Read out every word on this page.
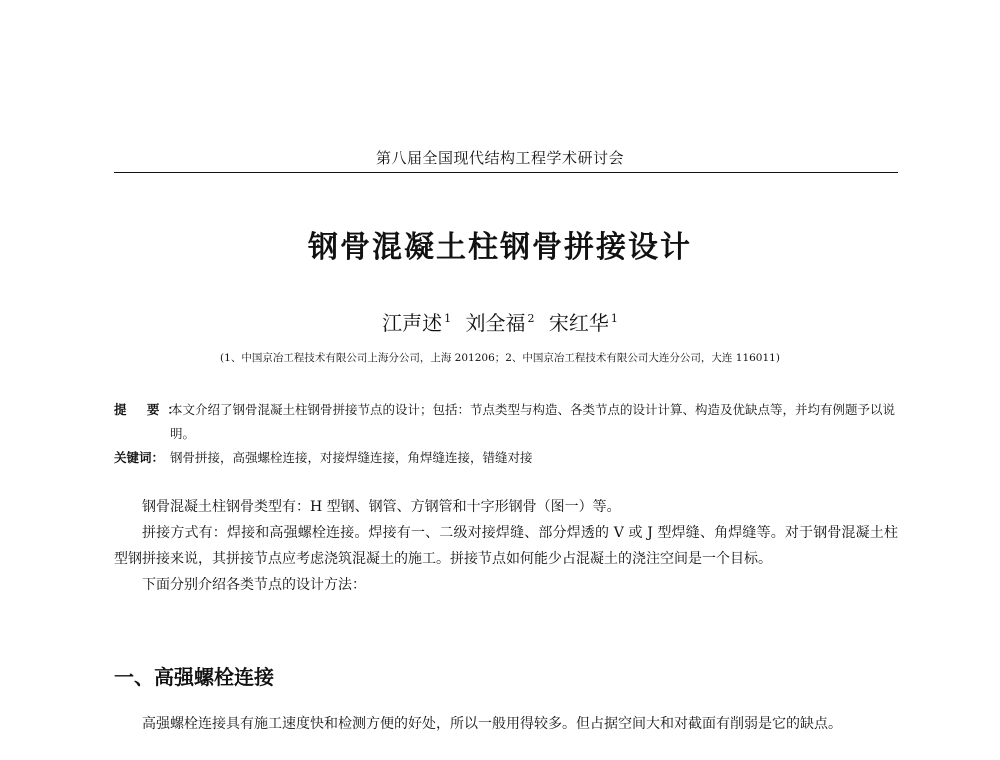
第八届全国现代结构工程学术研讨会
钢骨混凝土柱钢骨拼接设计
江声述 $^1$ 刘全福 $^2$ 宋红华 $^1$
(1、中国京冶工程技术有限公司上海分公司，上海 201206；2、中国京冶工程技术有限公司大连分公司，大连 116011)
提 要：
本文介绍了钢骨混凝土柱钢骨拼接节点的设计；包括：节点类型与构造、各类节点的设计计算、构造及优缺点等，并均有例题予以说明。
关键词： 钢骨拼接，高强螺栓连接，对接焊缝连接，角焊缝连接，错缝对接

钢骨混凝土柱钢骨类型有：H 型钢、钢管、方钢管和十字形钢骨（图一）等。

拼接方式有：焊接和高强螺栓连接。焊接有一、二级对接焊缝、部分焊透的 V 或 J 型焊缝、角焊缝等。对于钢骨混凝土柱型钢拼接来说，其拼接节点应考虑浇筑混凝土的施工。拼接节点如何能少占混凝土的浇注空间是一个目标。

下面分别介绍各类节点的设计方法：

一、高强螺栓连接

高强螺栓连接具有施工速度快和检测方便的好处，所以一般用得较多。但占据空间大和对截面有削弱是它的缺点。
